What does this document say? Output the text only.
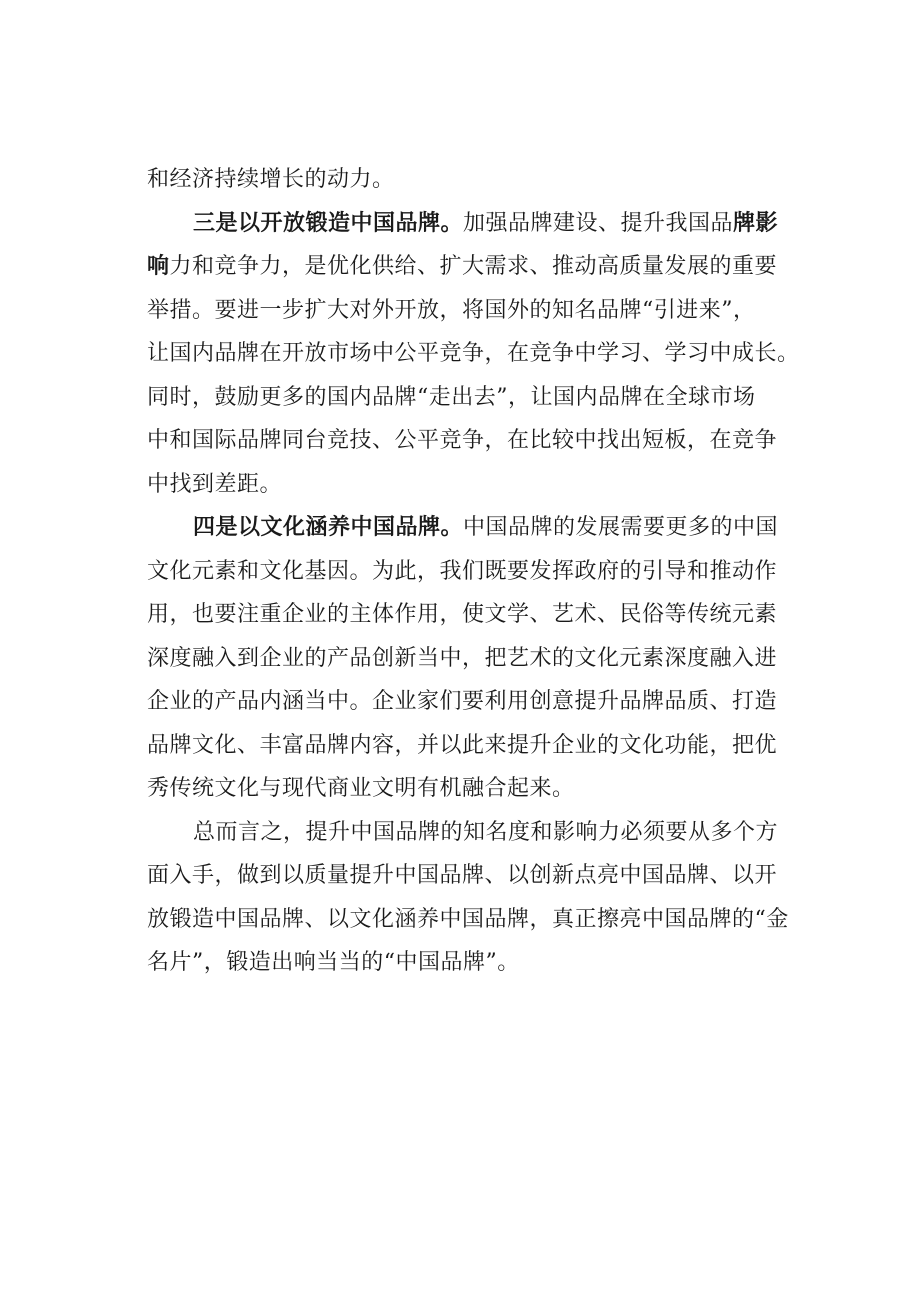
和经济持续增长的动力。
三是以开放锻造中国品牌。加强品牌建设、提升我国品牌影
响力和竞争力，是优化供给、扩大需求、推动高质量发展的重要
举措。要进一步扩大对外开放，将国外的知名品牌“引进来”，
让国内品牌在开放市场中公平竞争，在竞争中学习、学习中成长。
同时，鼓励更多的国内品牌“走出去”，让国内品牌在全球市场
中和国际品牌同台竞技、公平竞争，在比较中找出短板，在竞争
中找到差距。
四是以文化涵养中国品牌。中国品牌的发展需要更多的中国
文化元素和文化基因。为此，我们既要发挥政府的引导和推动作
用，也要注重企业的主体作用，使文学、艺术、民俗等传统元素
深度融入到企业的产品创新当中，把艺术的文化元素深度融入进
企业的产品内涵当中。企业家们要利用创意提升品牌品质、打造
品牌文化、丰富品牌内容，并以此来提升企业的文化功能，把优
秀传统文化与现代商业文明有机融合起来。
总而言之，提升中国品牌的知名度和影响力必须要从多个方
面入手，做到以质量提升中国品牌、以创新点亮中国品牌、以开
放锻造中国品牌、以文化涵养中国品牌，真正擦亮中国品牌的“金
名片”，锻造出响当当的“中国品牌”。
